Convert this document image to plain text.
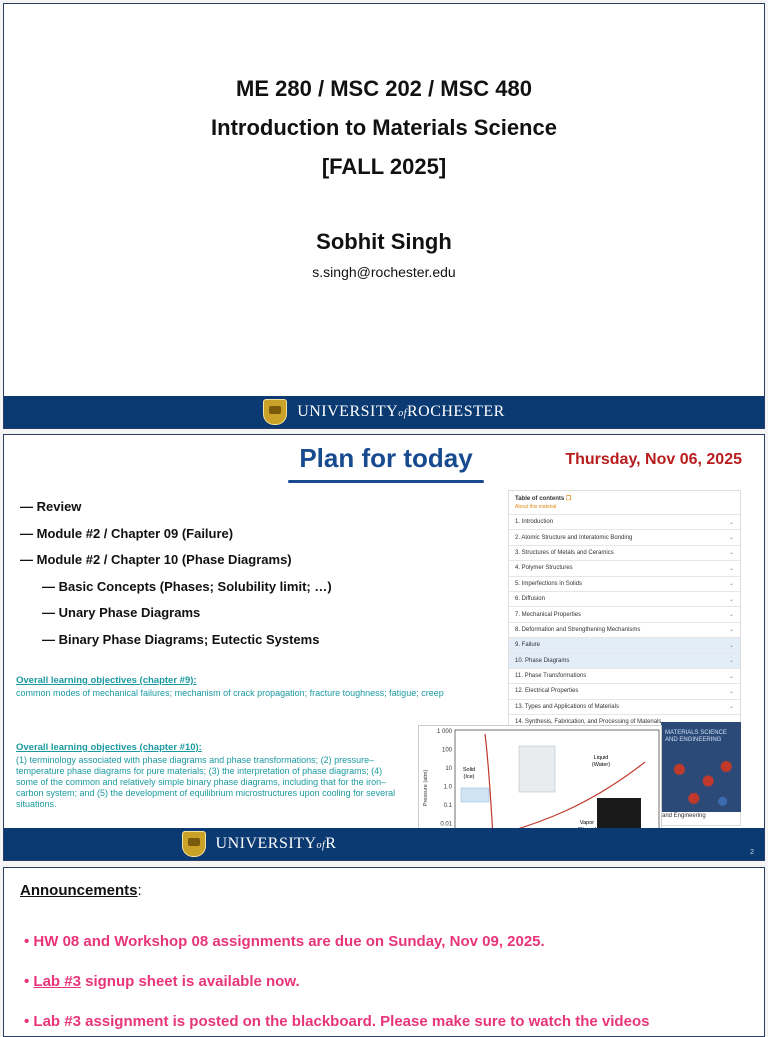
ME 280 / MSC 202 / MSC 480
Introduction to Materials Science
[FALL 2025]
Sobhit Singh
s.singh@rochester.edu
UNIVERSITYofROCHESTER
Plan for today	Thursday, Nov 06, 2025
— Review
— Module #2 / Chapter 09 (Failure)
— Module #2 / Chapter 10 (Phase Diagrams)
— Basic Concepts (Phases; Solubility limit; …)
— Unary Phase Diagrams
— Binary Phase Diagrams; Eutectic Systems
Overall learning objectives (chapter #9):
common modes of mechanical failures; mechanism of crack propagation; fracture toughness; fatigue; creep
Overall learning objectives (chapter #10):
(1) terminology associated with phase diagrams and phase transformations; (2) pressure–temperature phase diagrams for pure materials; (3) the interpretation of phase diagrams; (4) some of the common and relatively simple binary phase diagrams, including that for the iron–carbon system; and (5) the development of equilibrium microstructures upon cooling for several situations.
Table of contents ❐
About this material
1. Introduction	⌄
2. Atomic Structure and Interatomic Bonding	⌄
3. Structures of Metals and Ceramics	⌄
4. Polymer Structures	⌄
5. Imperfections in Solids	⌄
6. Diffusion	⌄
7. Mechanical Properties	⌄
8. Deformation and Strengthening Mechanisms	⌄
9. Failure	⌄
10. Phase Diagrams	⌄
11. Phase Transformations	⌄
12. Electrical Properties	⌄
13. Types and Applications of Materials	⌄
14. Synthesis, Fabrication, and Processing of Materials
MATERIALS SCIENCE AND ENGINEERING
and Engineering
1 000
100
10
1.0
0.1
0.01
Pressure (atm)	Solid
(Ice)
Liquid
(Water)
Vapor
UNIVERSITYofR
2
Announcements:
• HW 08 and Workshop 08 assignments are due on Sunday, Nov 09, 2025.
• Lab #3 signup sheet is available now.
• Lab #3 assignment is posted on the blackboard. Please make sure to watch the videos
